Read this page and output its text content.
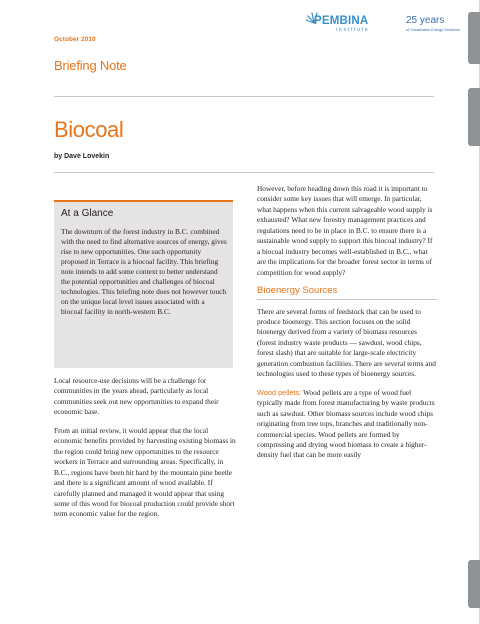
October 2010
PEMBINA
institute
25 years
of Sustainable Energy Solutions
Briefing Note
Biocoal
by Dave Lovekin
At a Glance
The downturn of the forest industry in B.C. combined with the need to find alternative sources of energy, gives rise to new opportunities. One such opportunity proposed in Terrace is a biocoal facility. This briefing note intends to add some context to better understand the potential opportunities and challenges of biocoal technologies. This briefing note does not however touch on the unique local level issues associated with a biocoal facility in north-western B.C.

Local resource-use decisions will be a challenge for communities in the years ahead, particularly as local communities seek out new opportunities to expand their economic base.

From an initial review, it would appear that the local economic benefits provided by harvesting existing biomass in the region could bring new opportunities to the resource workers in Terrace and surrounding areas. Specifically, in B.C., regions have been hit hard by the mountain pine beetle and there is a significant amount of wood available. If carefully planned and managed it would appear that using some of this wood for biocoal production could provide short term economic value for the region.

However, before heading down this road it is important to consider some key issues that will emerge. In particular, what happens when this current salvageable wood supply is exhausted? What new forestry management practices and regulations need to be in place in B.C. to ensure there is a sustainable wood supply to support this biocoal industry? If a biocoal industry becomes well-established in B.C., what are the implications for the broader forest sector in terms of competition for wood supply?

Bioenergy Sources

There are several forms of feedstock that can be used to produce bioenergy. This section focuses on the solid bioenergy derived from a variety of biomass resources (forest industry waste products — sawdust, wood chips, forest slash) that are suitable for large-scale electricity generation combustion facilities. There are several terms and technologies used to these types of bioenergy sources.

Wood pellets: Wood pellets are a type of wood fuel typically made from forest manufacturing by waste products such as sawdust. Other biomass sources include wood chips originating from tree tops, branches and traditionally non-commercial species. Wood pellets are formed by compressing and drying wood biomass to create a higher-density fuel that can be more easily
